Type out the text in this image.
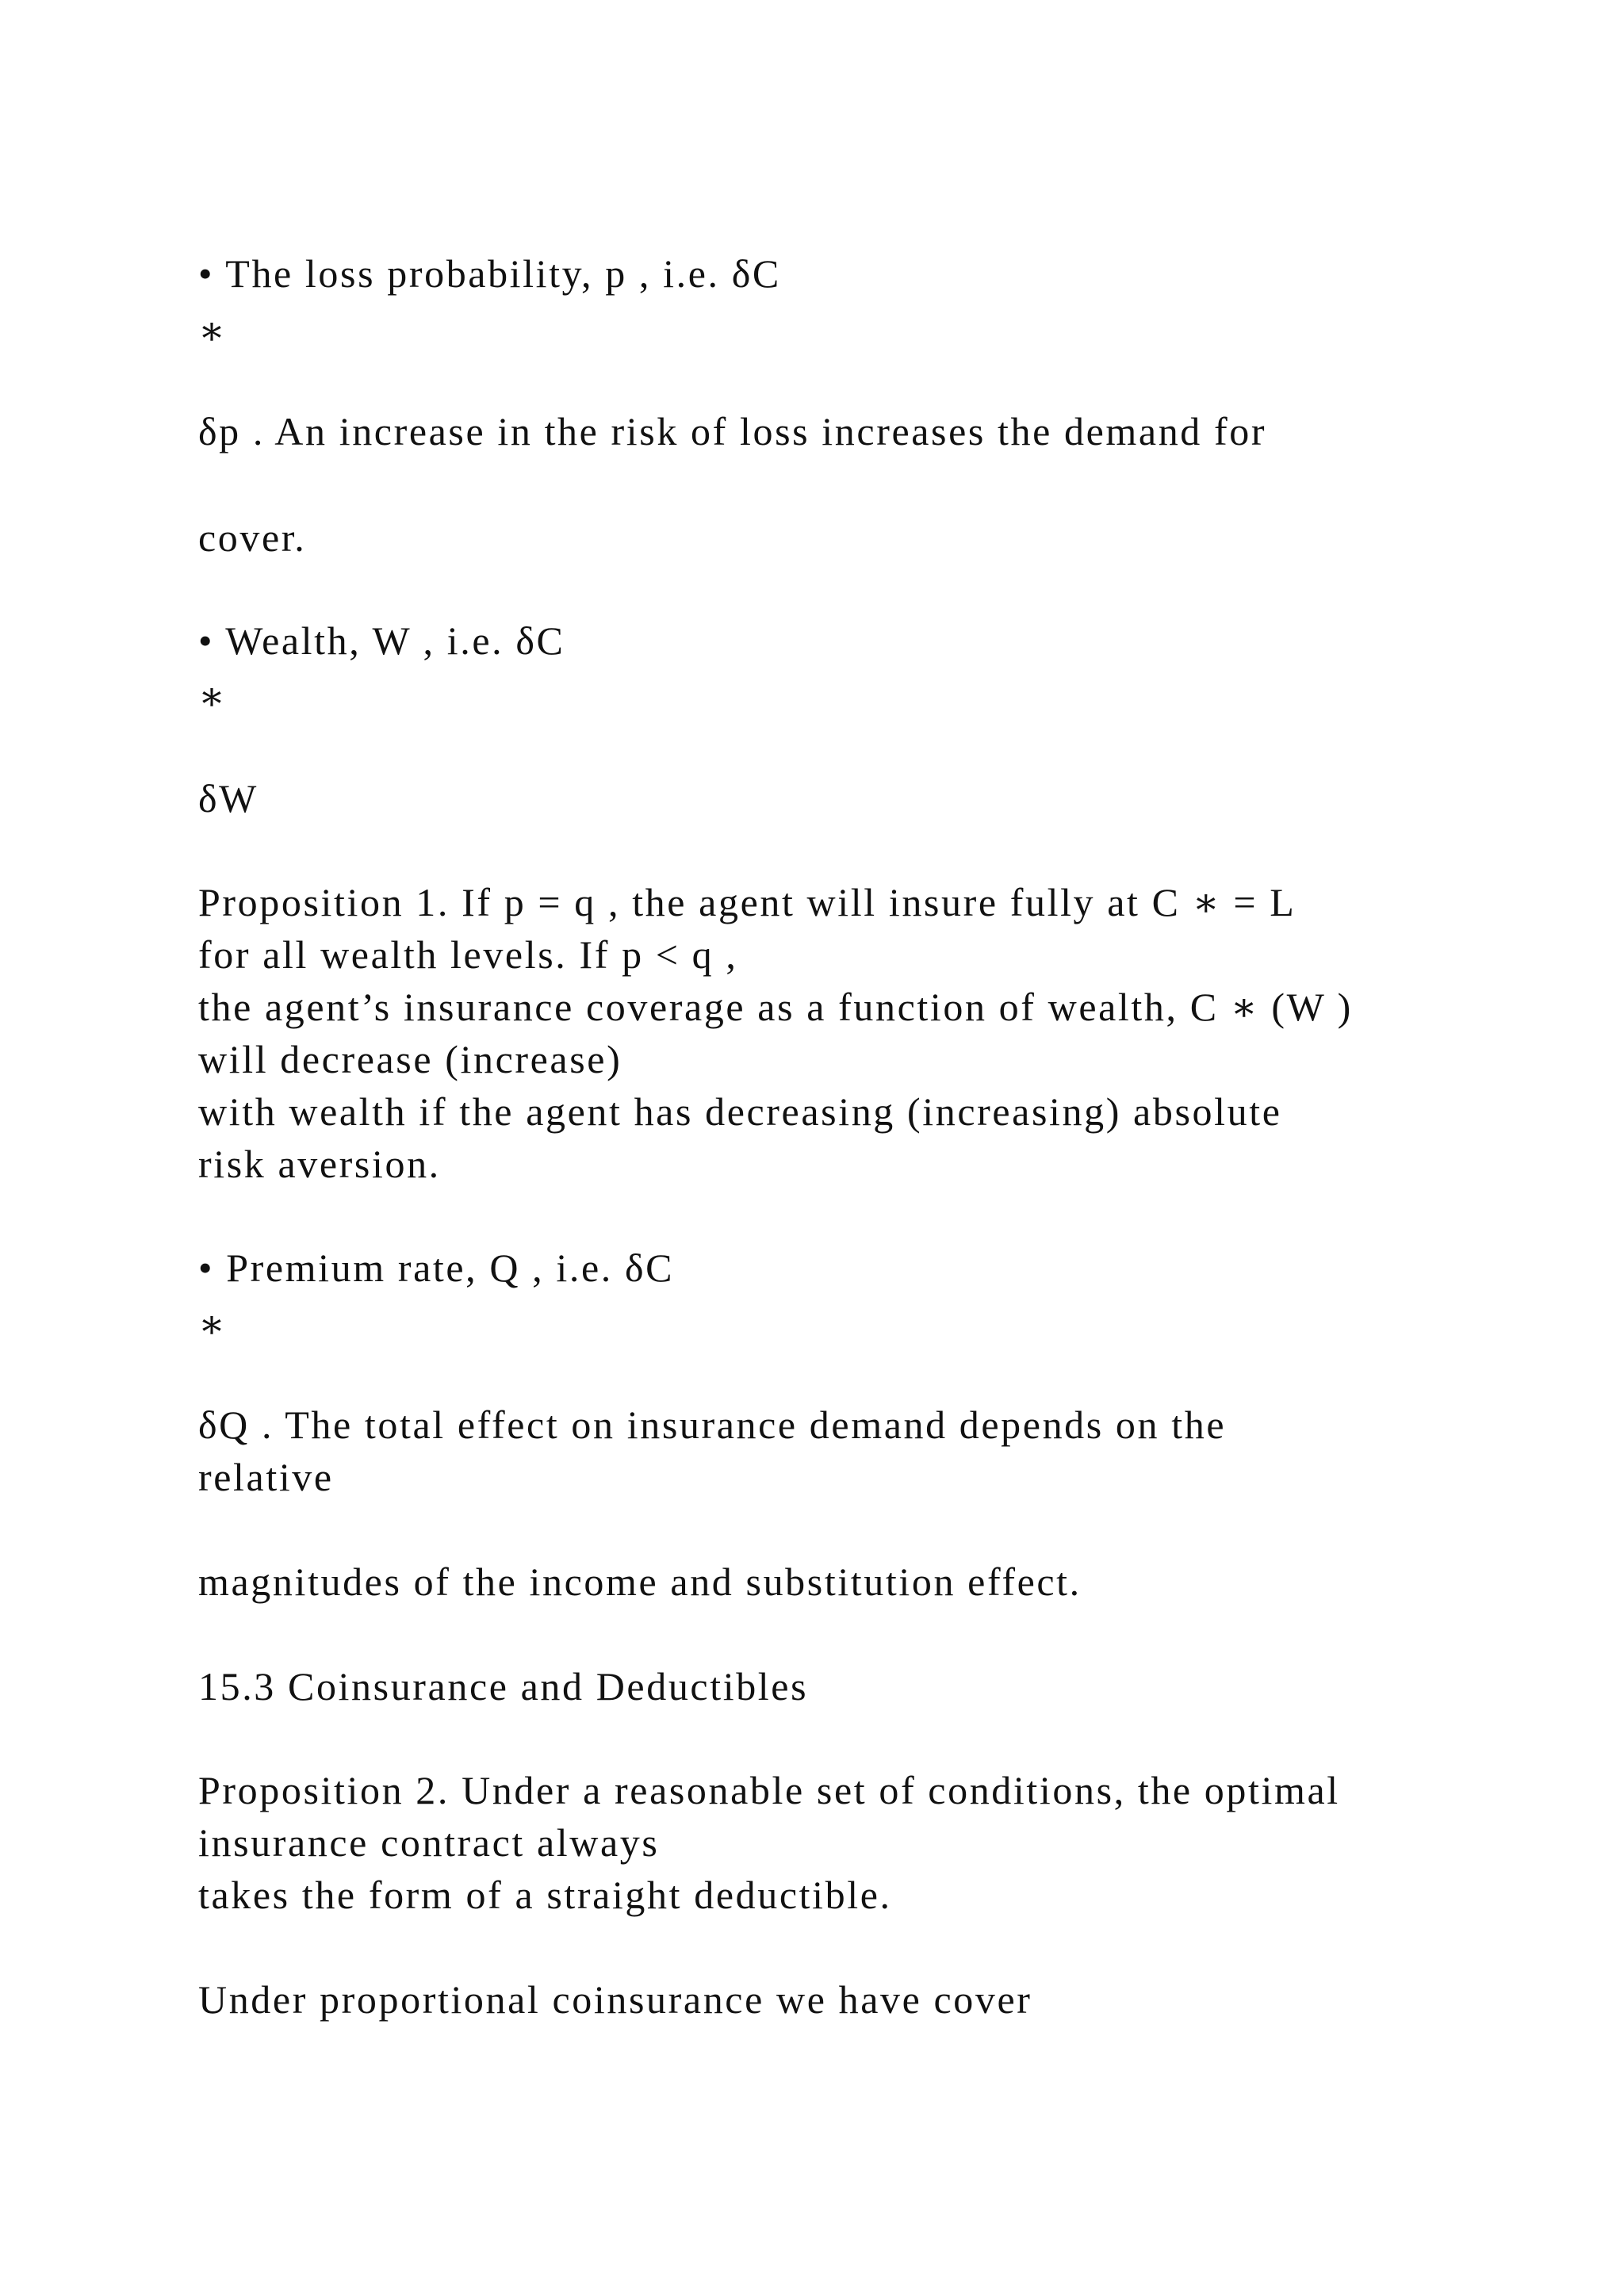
• The loss probability, p , i.e. δC
∗
δp . An increase in the risk of loss increases the demand for
cover.
• Wealth, W , i.e. δC
∗
δW
Proposition 1. If p = q , the agent will insure fully at C ∗ = L
for all wealth levels. If p < q ,
the agent’s insurance coverage as a function of wealth, C ∗ (W )
will decrease (increase)
with wealth if the agent has decreasing (increasing) absolute
risk aversion.
• Premium rate, Q , i.e. δC
∗
δQ . The total effect on insurance demand depends on the
relative
magnitudes of the income and substitution effect.
15.3 Coinsurance and Deductibles
Proposition 2. Under a reasonable set of conditions, the optimal
insurance contract always
takes the form of a straight deductible.
Under proportional coinsurance we have cover
